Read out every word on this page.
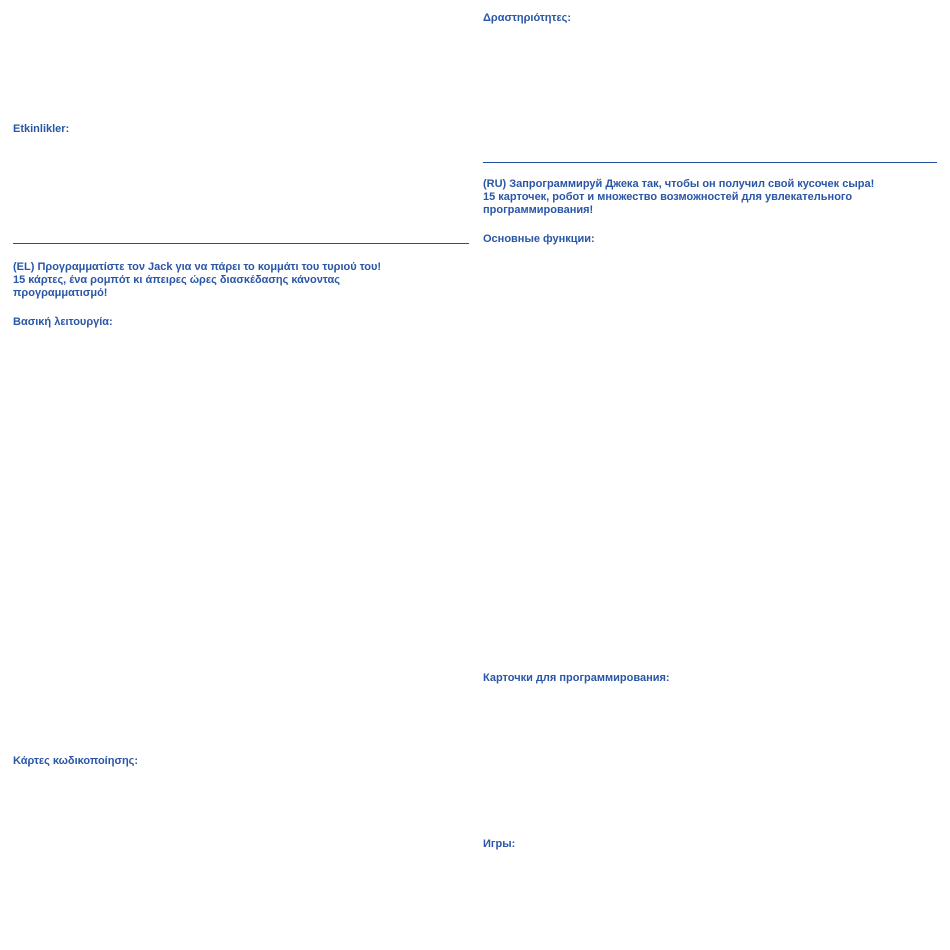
Etkinlikler:

(EL) Προγραμματίστε τον Jack για να πάρει το κομμάτι του τυριού του!
15 κάρτες, ένα ρομπότ κι άπειρες ώρες διασκέδασης κάνοντας
προγραμματισμό!

Βασική λειτουργία:

Κάρτες κωδικοποίησης:

Δραστηριότητες:

(RU) Запрограммируй Джека так, чтобы он получил свой кусочек сыра!
15 карточек, робот и множество возможностей для увлекательного
программирования!

Основные функции:

Карточки для программирования:

Игры:
